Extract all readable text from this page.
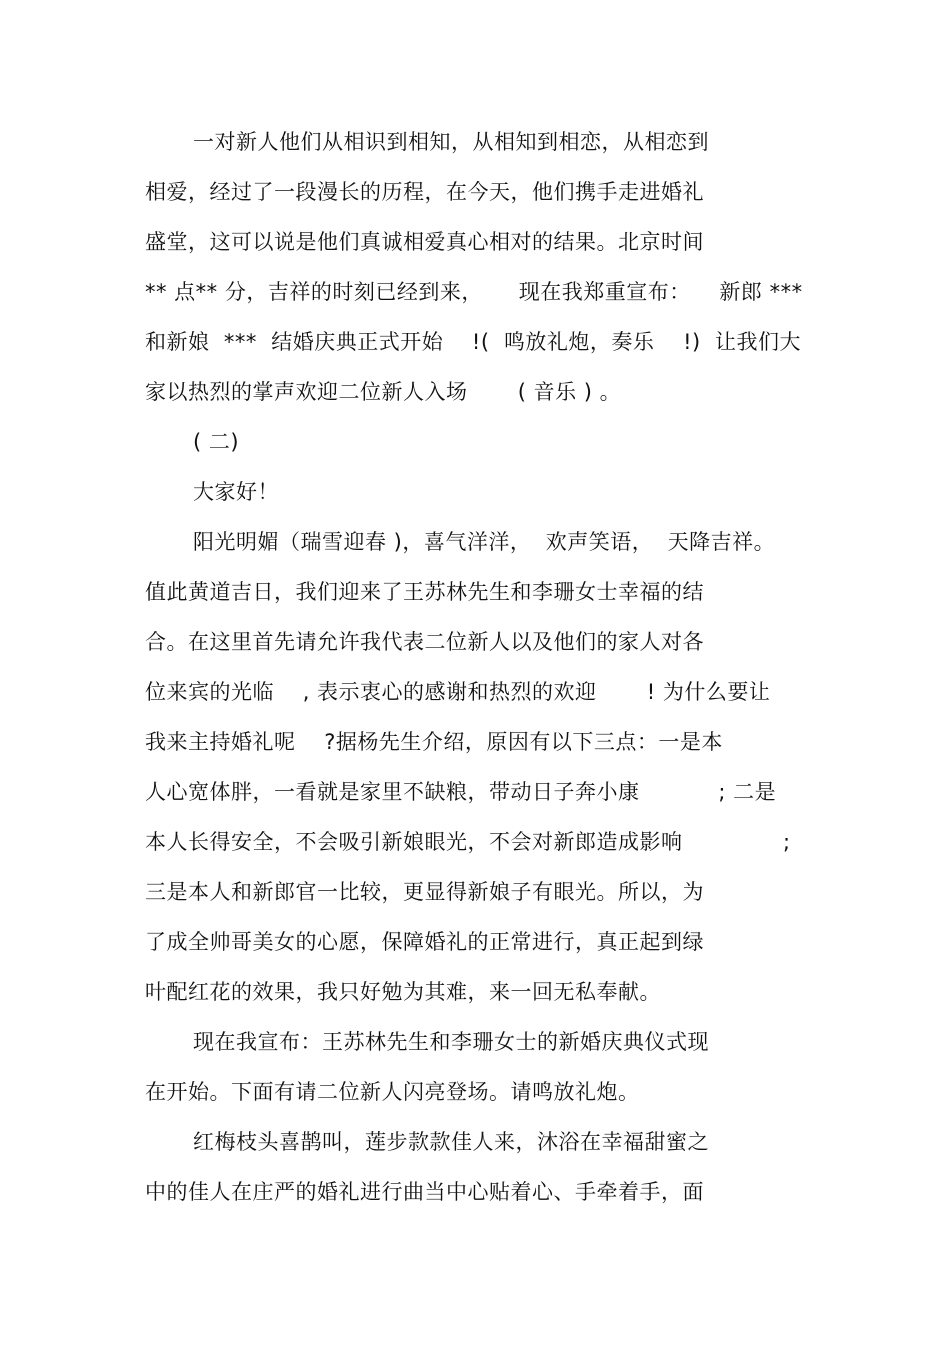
一对新人他们从相识到相知，从相知到相恋，从相恋到
相爱，经过了一段漫长的历程，在今天，他们携手走进婚礼
盛堂，这可以说是他们真诚相爱真心相对的结果。北京时间
** 点** 分，吉祥的时刻已经到来，     现在我郑重宣布：    新郎 ***
和新娘  ***  结婚庆典正式开始    !(  鸣放礼炮，奏乐    !)  让我们大
家以热烈的掌声欢迎二位新人入场       ( 音乐 ) 。
( 二)
大家好！
阳光明媚（瑞雪迎春 )，喜气洋洋，  欢声笑语，  天降吉祥。
值此黄道吉日，我们迎来了王苏林先生和李珊女士幸福的结
合。在这里首先请允许我代表二位新人以及他们的家人对各
位来宾的光临    , 表示衷心的感谢和热烈的欢迎       ! 为什么要让
我来主持婚礼呢    ?据杨先生介绍，原因有以下三点：一是本
人心宽体胖，一看就是家里不缺粮，带动日子奔小康           ; 二是
本人长得安全，不会吸引新娘眼光，不会对新郎造成影响              ;
三是本人和新郎官一比较，更显得新娘子有眼光。所以，为
了成全帅哥美女的心愿，保障婚礼的正常进行，真正起到绿
叶配红花的效果，我只好勉为其难，来一回无私奉献。
现在我宣布：王苏林先生和李珊女士的新婚庆典仪式现
在开始。下面有请二位新人闪亮登场。请鸣放礼炮。
红梅枝头喜鹊叫，莲步款款佳人来，沐浴在幸福甜蜜之
中的佳人在庄严的婚礼进行曲当中心贴着心、手牵着手，面
